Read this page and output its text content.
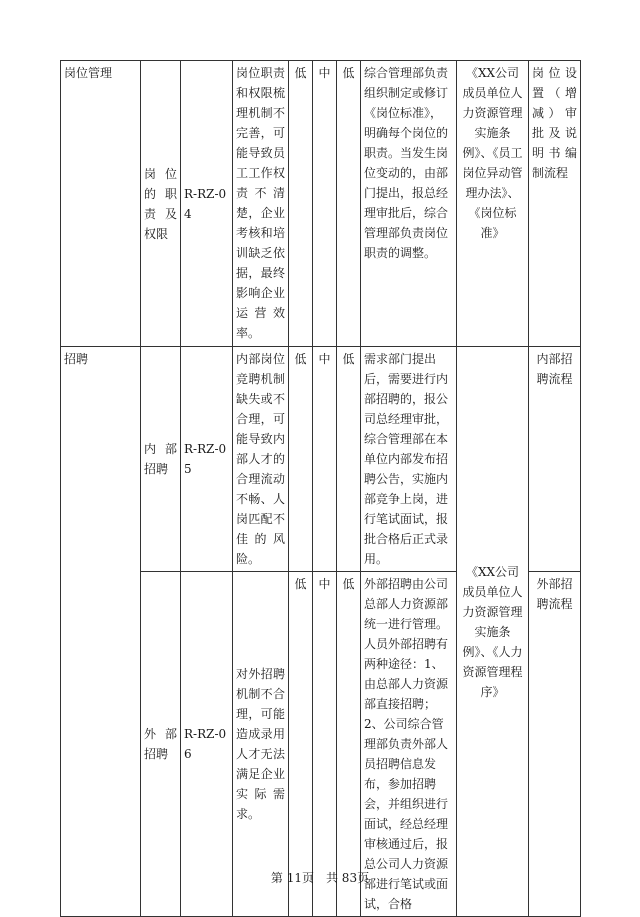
岗位管理	岗位的职责及权限	R-RZ-04	岗位职责和权限梳理机制不完善，可能导致员工工作权责不清楚，企业考核和培训缺乏依据，最终影响企业运营效率。	低	中	低	综合管理部负责组织制定或修订《岗位标准》，明确每个岗位的职责。当发生岗位变动的，由部门提出，报总经理审批后，综合管理部负责岗位职责的调整。	《XX公司成员单位人力资源管理实施条例》、《员工岗位异动管理办法》、《岗位标准》	岗位设置（增减）审批及说明书编制流程
招聘	内部招聘	R-RZ-05	内部岗位竞聘机制缺失或不合理，可能导致内部人才的合理流动不畅、人岗匹配不佳的风险。	低	中	低	需求部门提出后，需要进行内部招聘的，报公司总经理审批，综合管理部在本单位内部发布招聘公告，实施内部竞争上岗，进行笔试面试，报批合格后正式录用。	《XX公司成员单位人力资源管理实施条例》、《人力资源管理程序》	内部招聘流程
	外部招聘	R-RZ-06	对外招聘机制不合理，可能造成录用人才无法满足企业实际需求。	低	中	低	外部招聘由公司总部人力资源部统一进行管理。人员外部招聘有两种途径：1、由总部人力资源部直接招聘；2、公司综合管理部负责外部人员招聘信息发布，参加招聘会，并组织进行面试，经总经理审核通过后，报总公司人力资源部进行笔试或面试，合格		外部招聘流程
第 11页　共 83页
